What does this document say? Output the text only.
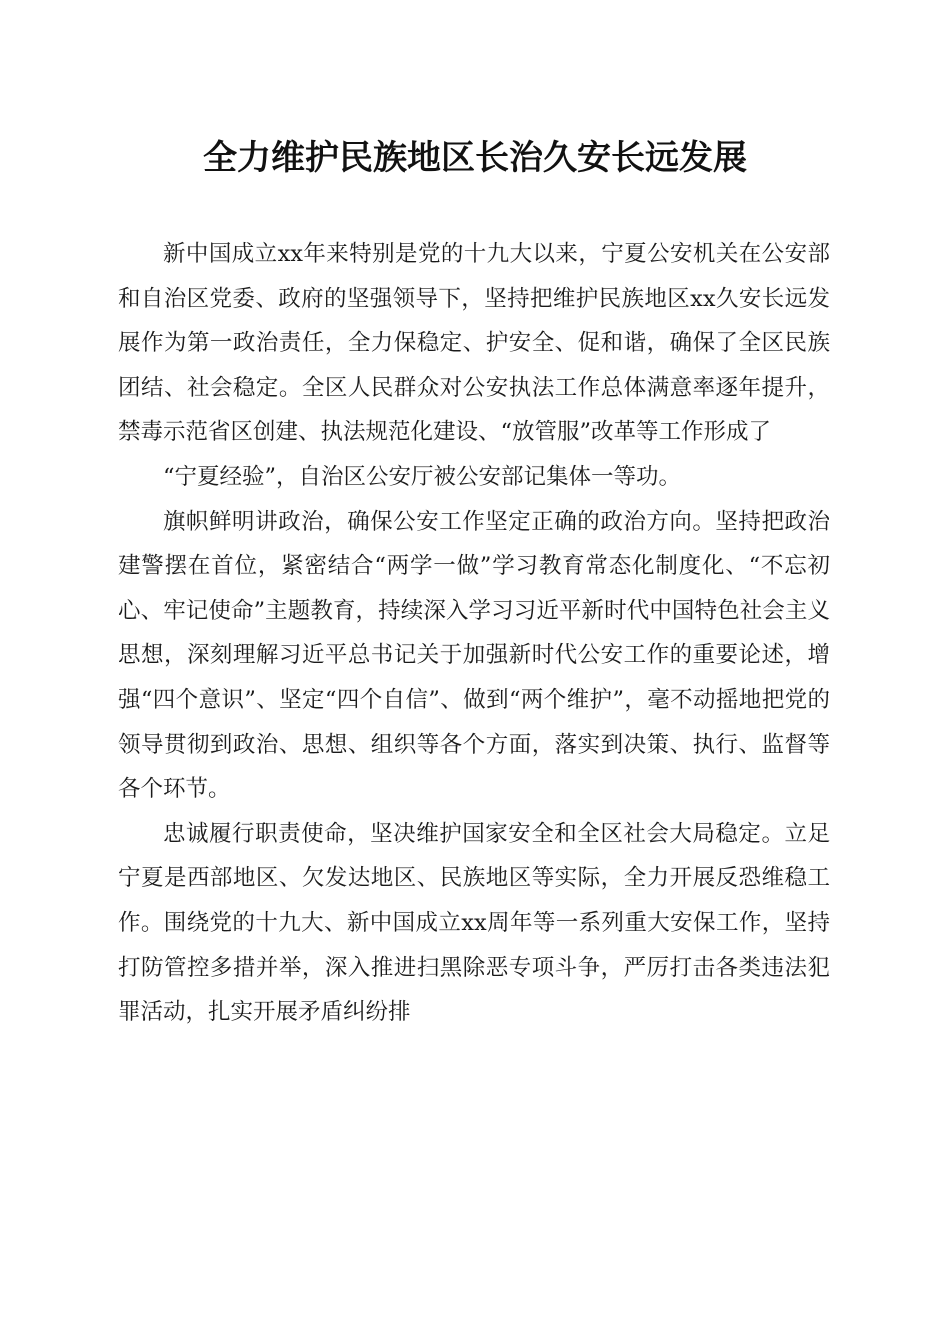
全力维护民族地区长治久安长远发展

新中国成立xx年来特别是党的十九大以来，宁夏公安机关在公安部和自治区党委、政府的坚强领导下，坚持把维护民族地区xx久安长远发展作为第一政治责任，全力保稳定、护安全、促和谐，确保了全区民族团结、社会稳定。全区人民群众对公安执法工作总体满意率逐年提升，禁毒示范省区创建、执法规范化建设、“放管服”改革等工作形成了

“宁夏经验”，自治区公安厅被公安部记集体一等功。

旗帜鲜明讲政治，确保公安工作坚定正确的政治方向。坚持把政治建警摆在首位，紧密结合“两学一做”学习教育常态化制度化、“不忘初心、牢记使命”主题教育，持续深入学习习近平新时代中国特色社会主义思想，深刻理解习近平总书记关于加强新时代公安工作的重要论述，增强“四个意识”、坚定“四个自信”、做到“两个维护”，毫不动摇地把党的领导贯彻到政治、思想、组织等各个方面，落实到决策、执行、监督等各个环节。

忠诚履行职责使命，坚决维护国家安全和全区社会大局稳定。立足宁夏是西部地区、欠发达地区、民族地区等实际，全力开展反恐维稳工作。围绕党的十九大、新中国成立xx周年等一系列重大安保工作，坚持打防管控多措并举，深入推进扫黑除恶专项斗争，严厉打击各类违法犯罪活动，扎实开展矛盾纠纷排
